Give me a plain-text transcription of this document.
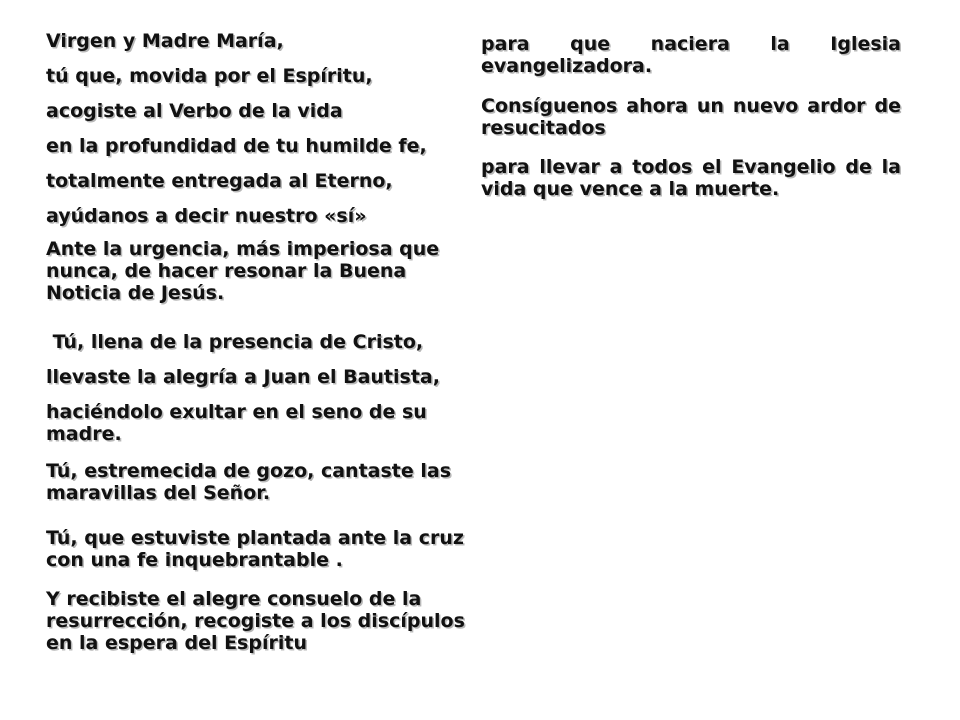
Virgen y Madre María,

tú que, movida por el Espíritu,

acogiste al Verbo de la vida

en la profundidad de tu humilde fe,

totalmente entregada al Eterno,

ayúdanos a decir nuestro «sí»

Ante la urgencia, más imperiosa que nunca, de hacer resonar la Buena Noticia de Jesús.

Tú, llena de la presencia de Cristo,

llevaste la alegría a Juan el Bautista,

haciéndolo exultar en el seno de su madre.

Tú, estremecida de gozo, cantaste las maravillas del Señor.

Tú, que estuviste plantada ante la cruz con una fe inquebrantable .

Y recibiste el alegre consuelo de la resurrección, recogiste a los discípulos en la espera del Espíritu

para que naciera la Iglesia evangelizadora.

Consíguenos ahora un nuevo ardor de resucitados

para llevar a todos el Evangelio de la vida que vence a la muerte.
